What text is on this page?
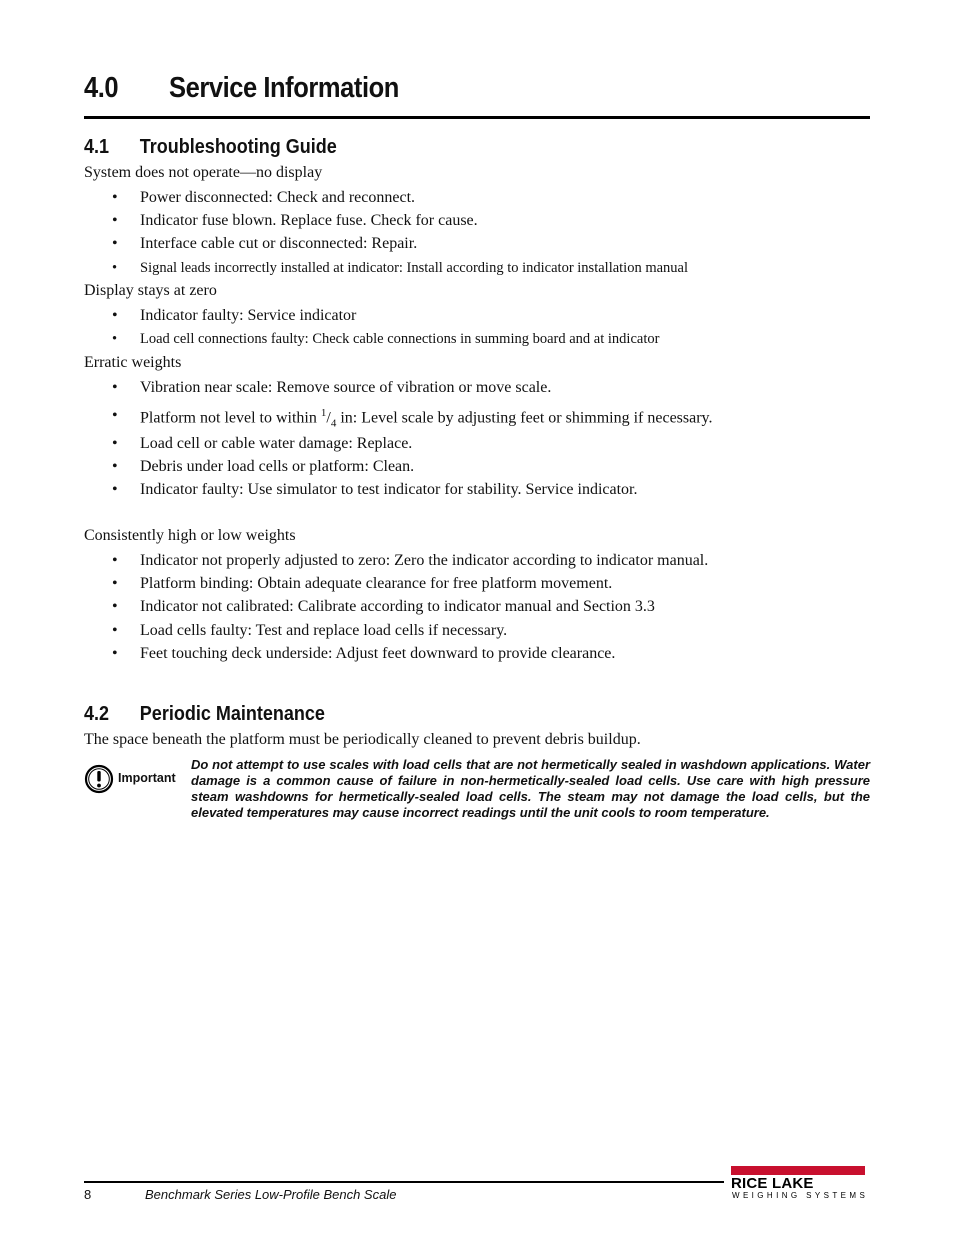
4.0 Service Information
4.1 Troubleshooting Guide
System does not operate—no display
• Power disconnected: Check and reconnect.
• Indicator fuse blown. Replace fuse. Check for cause.
• Interface cable cut or disconnected: Repair.
• Signal leads incorrectly installed at indicator: Install according to indicator installation manual
Display stays at zero
• Indicator faulty: Service indicator
• Load cell connections faulty: Check cable connections in summing board and at indicator
Erratic weights
• Vibration near scale: Remove source of vibration or move scale.
• Platform not level to within $^1/_4$ in: Level scale by adjusting feet or shimming if necessary.
• Load cell or cable water damage: Replace.
• Debris under load cells or platform: Clean.
• Indicator faulty: Use simulator to test indicator for stability. Service indicator.
Consistently high or low weights
• Indicator not properly adjusted to zero: Zero the indicator according to indicator manual.
• Platform binding: Obtain adequate clearance for free platform movement.
• Indicator not calibrated: Calibrate according to indicator manual and Section 3.3
• Load cells faulty: Test and replace load cells if necessary.
• Feet touching deck underside: Adjust feet downward to provide clearance.
4.2 Periodic Maintenance
The space beneath the platform must be periodically cleaned to prevent debris buildup.
Important
Do not attempt to use scales with load cells that are not hermetically sealed in washdown applications. Water damage is a common cause of failure in non-hermetically-sealed load cells. Use care with high pressure steam washdowns for hermetically-sealed load cells. The steam may not damage the load cells, but the elevated temperatures may cause incorrect readings until the unit cools to room temperature.
8	Benchmark Series Low-Profile Bench Scale
RICE LAKE
WEIGHING SYSTEMS
